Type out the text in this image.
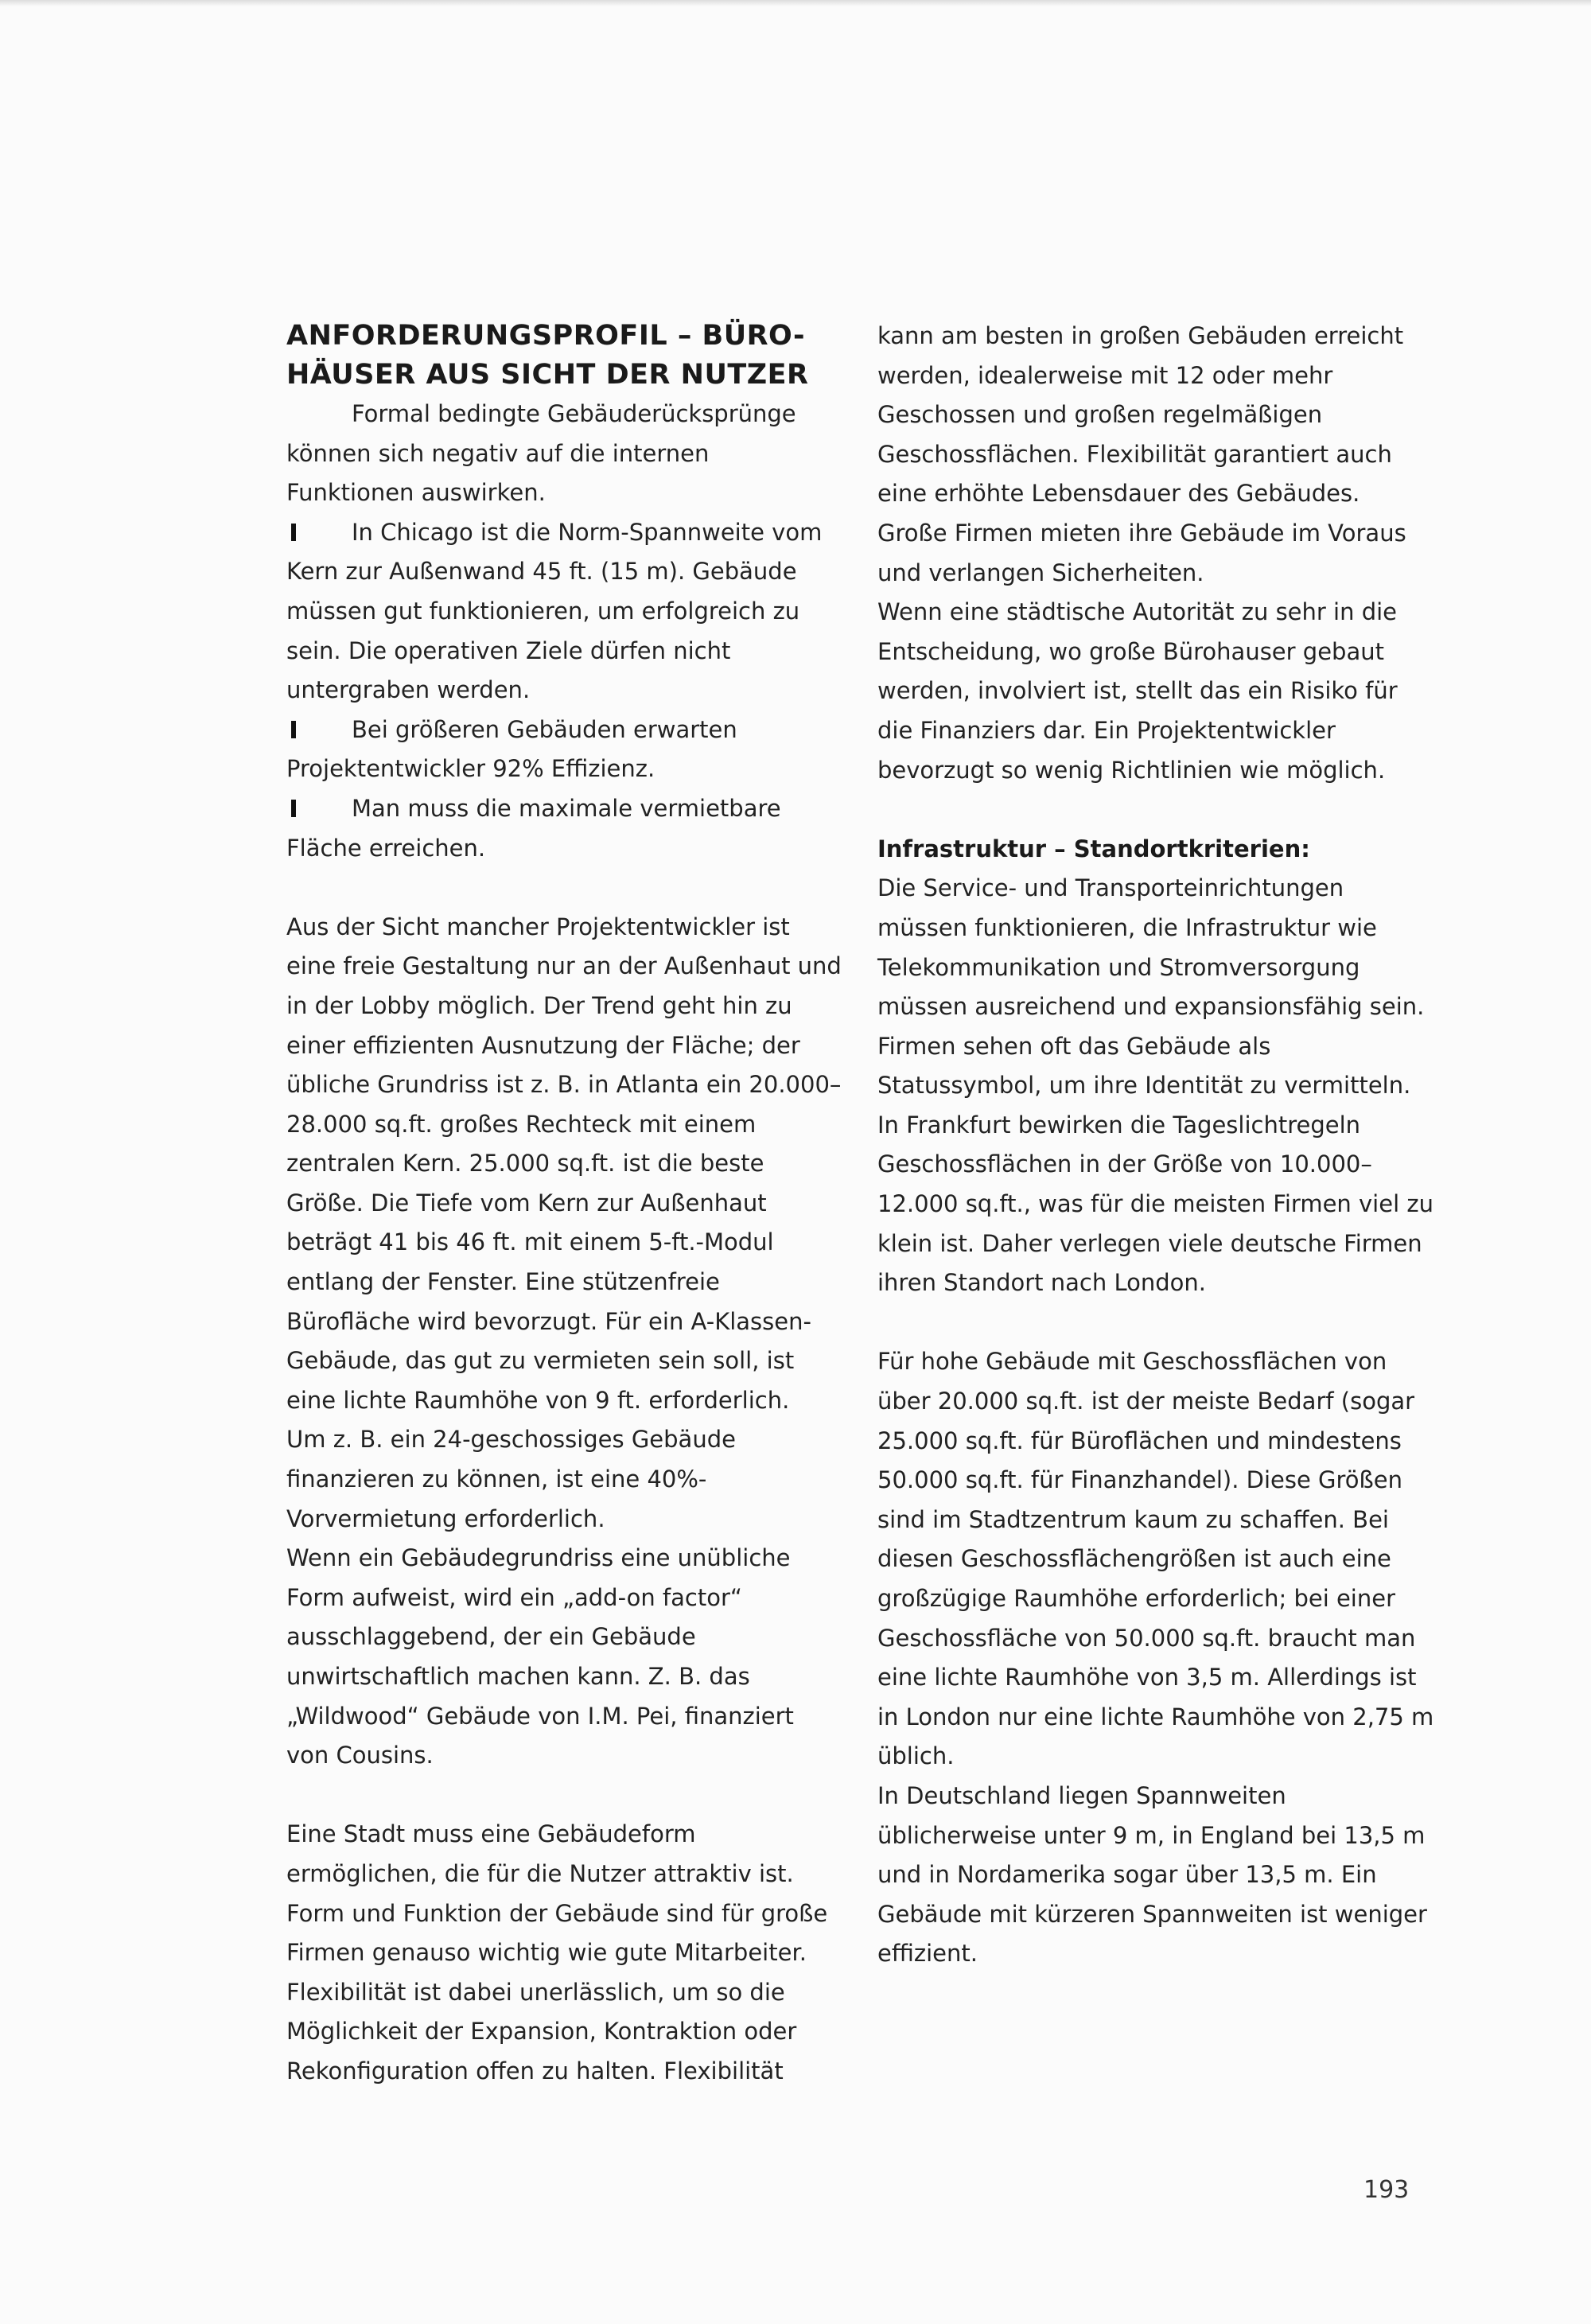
ANFORDERUNGSPROFIL – BÜRO-HÄUSER AUS SICHT DER NUTZER

Formal bedingte Gebäuderücksprünge können sich negativ auf die internen Funktionen auswirken.

In Chicago ist die Norm-Spannweite vom Kern zur Außenwand 45 ft. (15 m). Gebäude müssen gut funktionieren, um erfolgreich zu sein. Die operativen Ziele dürfen nicht untergraben werden.

Bei größeren Gebäuden erwarten Projektentwickler 92% Effizienz.

Man muss die maximale vermietbare Fläche erreichen.

Aus der Sicht mancher Projektentwickler ist eine freie Gestaltung nur an der Außenhaut und in der Lobby möglich. Der Trend geht hin zu einer effizienten Ausnutzung der Fläche; der übliche Grundriss ist z. B. in Atlanta ein 20.000–28.000 sq.ft. großes Rechteck mit einem zentralen Kern. 25.000 sq.ft. ist die beste Größe. Die Tiefe vom Kern zur Außenhaut beträgt 41 bis 46 ft. mit einem 5-ft.-Modul entlang der Fenster. Eine stützenfreie Bürofläche wird bevorzugt. Für ein A-Klassen-Gebäude, das gut zu vermieten sein soll, ist eine lichte Raumhöhe von 9 ft. erforderlich.

Um z. B. ein 24-geschossiges Gebäude finanzieren zu können, ist eine 40%-Vorvermietung erforderlich.

Wenn ein Gebäudegrundriss eine unübliche Form aufweist, wird ein „add-on factor“ ausschlaggebend, der ein Gebäude unwirtschaftlich machen kann. Z. B. das „Wildwood“ Gebäude von I.M. Pei, finanziert von Cousins.

Eine Stadt muss eine Gebäudeform ermöglichen, die für die Nutzer attraktiv ist.

Form und Funktion der Gebäude sind für große Firmen genauso wichtig wie gute Mitarbeiter. Flexibilität ist dabei unerlässlich, um so die Möglichkeit der Expansion, Kontraktion oder Rekonfiguration offen zu halten. Flexibilität

kann am besten in großen Gebäuden erreicht werden, idealerweise mit 12 oder mehr Geschossen und großen regelmäßigen Geschossflächen. Flexibilität garantiert auch eine erhöhte Lebensdauer des Gebäudes.

Große Firmen mieten ihre Gebäude im Voraus und verlangen Sicherheiten.

Wenn eine städtische Autorität zu sehr in die Entscheidung, wo große Bürohauser gebaut werden, involviert ist, stellt das ein Risiko für die Finanziers dar. Ein Projektentwickler bevorzugt so wenig Richtlinien wie möglich.

Infrastruktur – Standortkriterien:

Die Service- und Transporteinrichtungen müssen funktionieren, die Infrastruktur wie Telekommunikation und Stromversorgung müssen ausreichend und expansionsfähig sein.

Firmen sehen oft das Gebäude als Statussymbol, um ihre Identität zu vermitteln.

In Frankfurt bewirken die Tageslichtregeln Geschossflächen in der Größe von 10.000–12.000 sq.ft., was für die meisten Firmen viel zu klein ist. Daher verlegen viele deutsche Firmen ihren Standort nach London.

Für hohe Gebäude mit Geschossflächen von über 20.000 sq.ft. ist der meiste Bedarf (sogar 25.000 sq.ft. für Büroflächen und mindestens 50.000 sq.ft. für Finanzhandel). Diese Größen sind im Stadtzentrum kaum zu schaffen. Bei diesen Geschossflächengrößen ist auch eine großzügige Raumhöhe erforderlich; bei einer Geschossfläche von 50.000 sq.ft. braucht man eine lichte Raumhöhe von 3,5 m. Allerdings ist in London nur eine lichte Raumhöhe von 2,75 m üblich.

In Deutschland liegen Spannweiten üblicherweise unter 9 m, in England bei 13,5 m und in Nordamerika sogar über 13,5 m. Ein Gebäude mit kürzeren Spannweiten ist weniger effizient.

193
